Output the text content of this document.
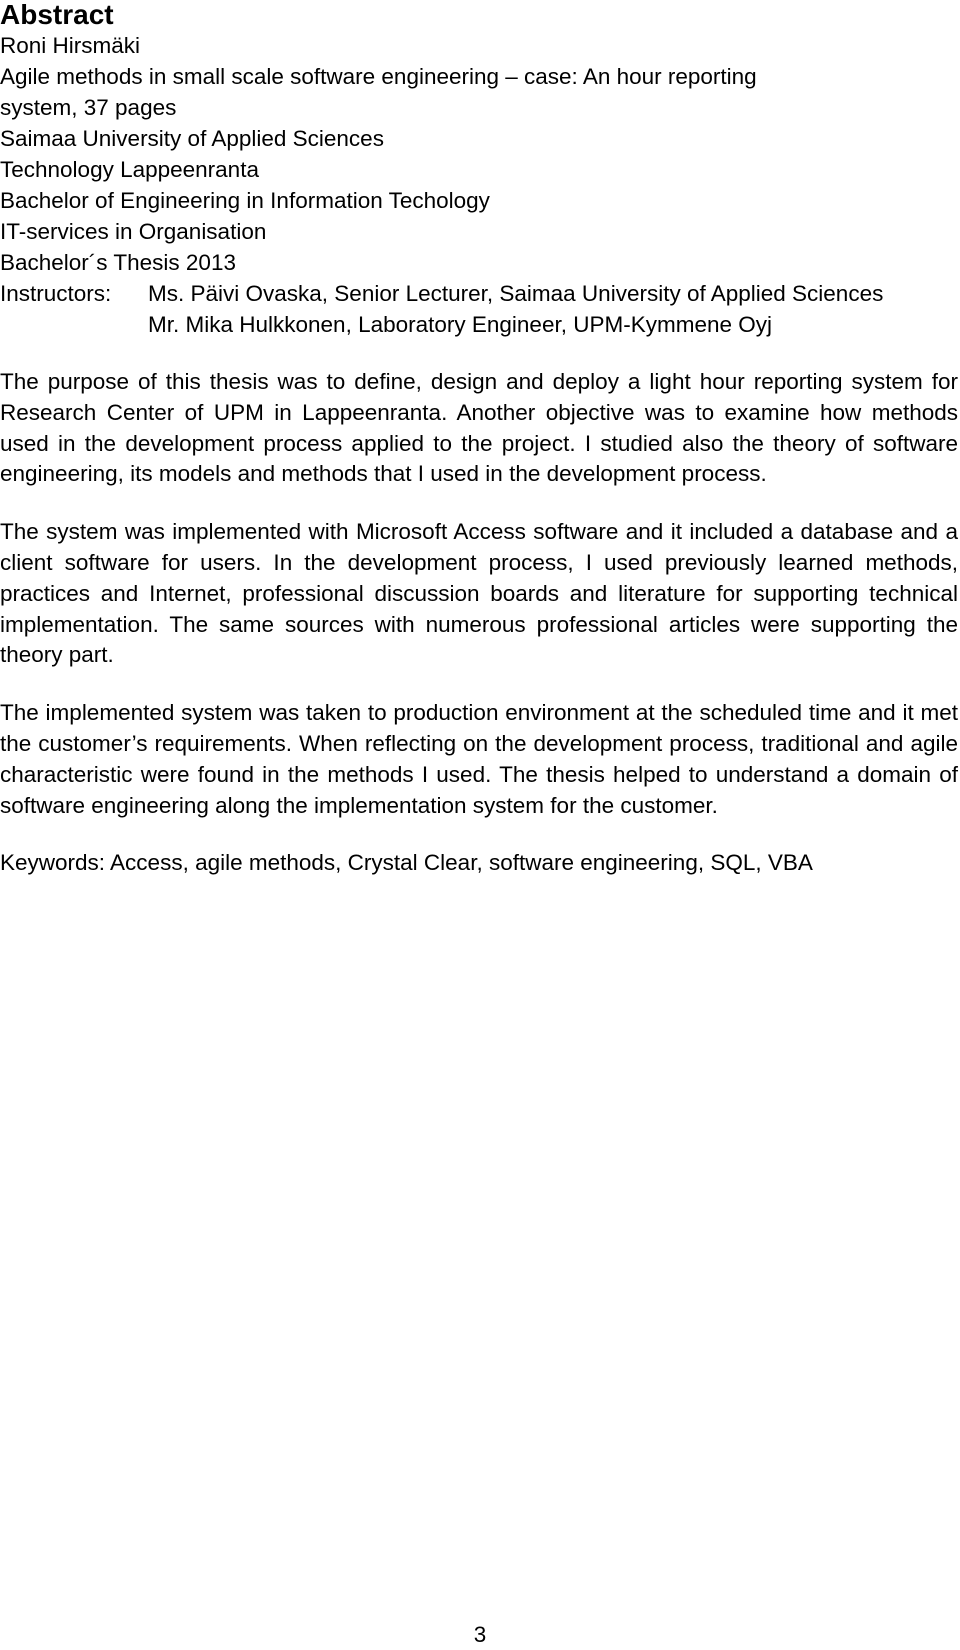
Abstract
Roni Hirsmäki
Agile methods in small scale software engineering – case: An hour reporting
system, 37 pages
Saimaa University of Applied Sciences
Technology Lappeenranta
Bachelor of Engineering in Information Techology
IT-services in Organisation
Bachelor´s Thesis 2013
Instructors:	Ms. Päivi Ovaska, Senior Lecturer, Saimaa University of Applied Sciences
Mr. Mika Hulkkonen, Laboratory Engineer, UPM-Kymmene Oyj

The purpose of this thesis was to define, design and deploy a light hour reporting system for Research Center of UPM in Lappeenranta. Another objective was to examine how methods used in the development process applied to the project. I studied also the theory of software engineering, its models and methods that I used in the development process.

The system was implemented with Microsoft Access software and it included a database and a client software for users. In the development process, I used previously learned methods, practices and Internet, professional discussion boards and literature for supporting technical implementation. The same sources with numerous professional articles were supporting the theory part.

The implemented system was taken to production environment at the scheduled time and it met the customer’s requirements. When reflecting on the development process, traditional and agile characteristic were found in the methods I used. The thesis helped to understand a domain of software engineering along the implementation system for the customer.

Keywords: Access, agile methods, Crystal Clear, software engineering, SQL, VBA

3
